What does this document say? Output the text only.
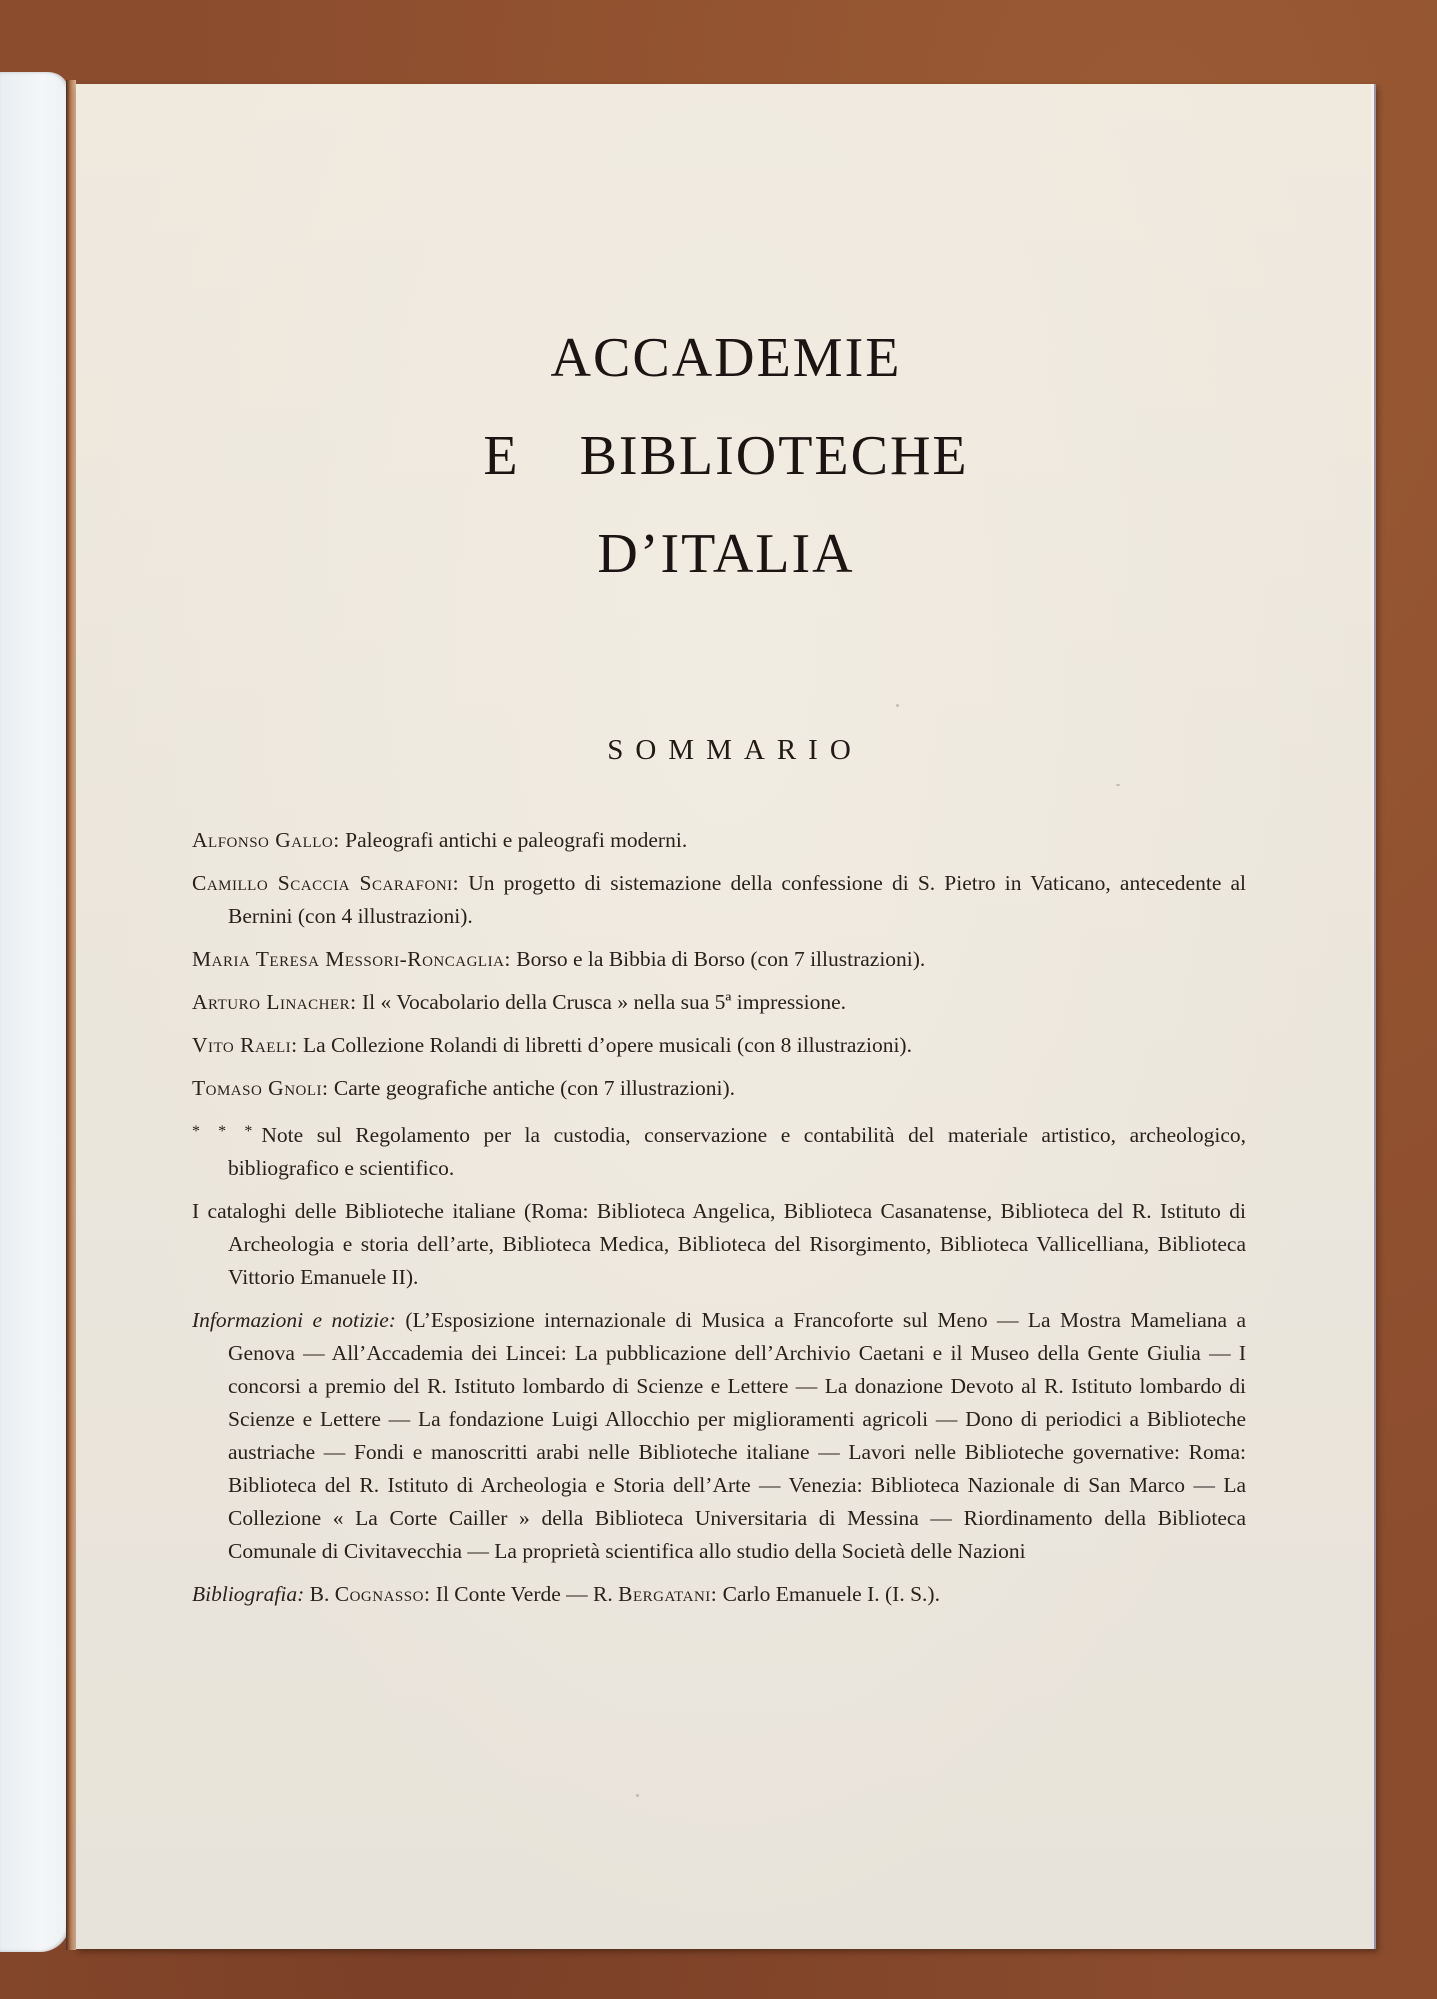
ACCADEMIE
E  BIBLIOTECHE
D’ITALIA
SOMMARIO
Alfonso Gallo: Paleografi antichi e paleografi moderni.
Camillo Scaccia Scarafoni: Un progetto di sistemazione della confessione di S. Pietro in Vaticano, antecedente al Bernini (con 4 illustrazioni).
Maria Teresa Messori-Roncaglia: Borso e la Bibbia di Borso (con 7 illustrazioni).
Arturo Linacher: Il « Vocabolario della Crusca » nella sua 5ª impressione.
Vito Raeli: La Collezione Rolandi di libretti d’opere musicali (con 8 illustrazioni).
Tomaso Gnoli: Carte geografiche antiche (con 7 illustrazioni).
* * * Note sul Regolamento per la custodia, conservazione e contabilità del materiale artistico, archeologico, bibliografico e scientifico.
I cataloghi delle Biblioteche italiane (Roma: Biblioteca Angelica, Biblioteca Casanatense, Biblioteca del R. Istituto di Archeologia e storia dell’arte, Biblioteca Medica, Biblioteca del Risorgimento, Biblioteca Vallicelliana, Biblioteca Vittorio Emanuele II).
Informazioni e notizie: (L’Esposizione internazionale di Musica a Francoforte sul Meno — La Mostra Mameliana a Genova — All’Accademia dei Lincei: La pubblicazione dell’Archivio Caetani e il Museo della Gente Giulia — I concorsi a premio del R. Istituto lombardo di Scienze e Lettere — La donazione Devoto al R. Istituto lombardo di Scienze e Lettere — La fondazione Luigi Allocchio per miglioramenti agricoli — Dono di periodici a Biblioteche austriache — Fondi e manoscritti arabi nelle Biblioteche italiane — Lavori nelle Biblioteche governative: Roma: Biblioteca del R. Istituto di Archeologia e Storia dell’Arte — Venezia: Biblioteca Nazionale di San Marco — La Collezione « La Corte Cailler » della Biblioteca Universitaria di Messina — Riordinamento della Biblioteca Comunale di Civitavecchia — La proprietà scientifica allo studio della Società delle Nazioni
Bibliografia: B. Cognasso: Il Conte Verde — R. Bergatani: Carlo Emanuele I. (I. S.).
